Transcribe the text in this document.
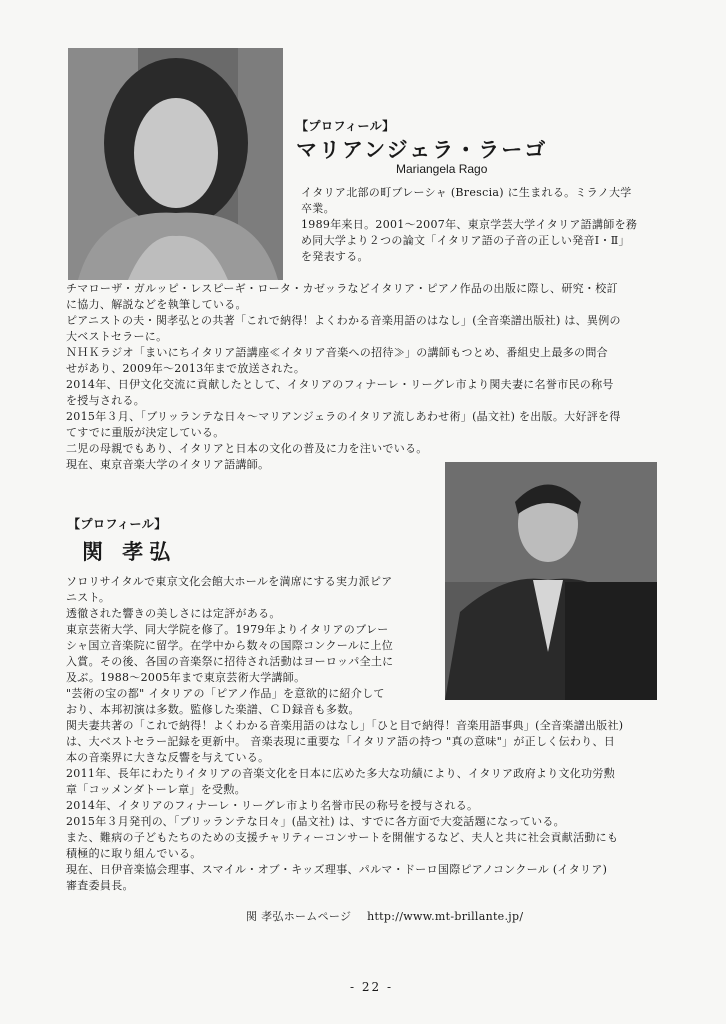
【プロフィール】
マリアンジェラ・ラーゴ
Mariangela Rago

イタリア北部の町ブレーシャ (Brescia) に生まれる。ミラノ大学

卒業。

1989年来日。2001〜2007年、東京学芸大学イタリア語講師を務

め同大学より２つの論文「イタリア語の子音の正しい発音Ⅰ・Ⅱ」

を発表する。

チマローザ・ガルッピ・レスピーギ・ロータ・カゼッラなどイタリア・ピアノ作品の出版に際し、研究・校訂

に協力、解説などを執筆している。

ピアニストの夫・関孝弘との共著「これで納得！よくわかる音楽用語のはなし」(全音楽譜出版社) は、異例の

大ベストセラーに。

ＮＨＫラジオ「まいにちイタリア語講座≪イタリア音楽への招待≫」の講師もつとめ、番組史上最多の問合

せがあり、2009年〜2013年まで放送された。

2014年、日伊文化交流に貢献したとして、イタリアのフィナーレ・リーグレ市より関夫妻に名誉市民の称号

を授与される。

2015年３月、「ブリッランテな日々〜マリアンジェラのイタリア流しあわせ術」(晶文社) を出版。大好評を得

てすでに重版が決定している。

二児の母親でもあり、イタリアと日本の文化の普及に力を注いでいる。

現在、東京音楽大学のイタリア語講師。

【プロフィール】
関 孝弘

ソロリサイタルで東京文化会館大ホールを満席にする実力派ピア

ニスト。

透徹された響きの美しさには定評がある。

東京芸術大学、同大学院を修了。1979年よりイタリアのブレー

シャ国立音楽院に留学。在学中から数々の国際コンクールに上位

入賞。その後、各国の音楽祭に招待され活動はヨーロッパ全土に

及ぶ。1988〜2005年まで東京芸術大学講師。

"芸術の宝の都" イタリアの「ピアノ作品」を意欲的に紹介して

おり、本邦初演は多数。監修した楽譜、ＣＤ録音も多数。

関夫妻共著の「これで納得！よくわかる音楽用語のはなし」「ひと目で納得！音楽用語事典」(全音楽譜出版社)

は、大ベストセラー記録を更新中。 音楽表現に重要な「イタリア語の持つ "真の意味"」が正しく伝わり、日

本の音楽界に大きな反響を与えている。

2011年、長年にわたりイタリアの音楽文化を日本に広めた多大な功績により、イタリア政府より文化功労勲

章「コッメンダトーレ章」を受勲。

2014年、イタリアのフィナーレ・リーグレ市より名誉市民の称号を授与される。

2015年３月発刊の、「ブリッランテな日々」(晶文社) は、すでに各方面で大変話題になっている。

また、難病の子どもたちのための支援チャリティーコンサートを開催するなど、夫人と共に社会貢献活動にも

積極的に取り組んでいる。

現在、日伊音楽協会理事、スマイル・オブ・キッズ理事、パルマ・ドーロ国際ピアノコンクール (イタリア)

審査委員長。

関 孝弘ホームページ http://www.mt-brillante.jp/
- 22 -
